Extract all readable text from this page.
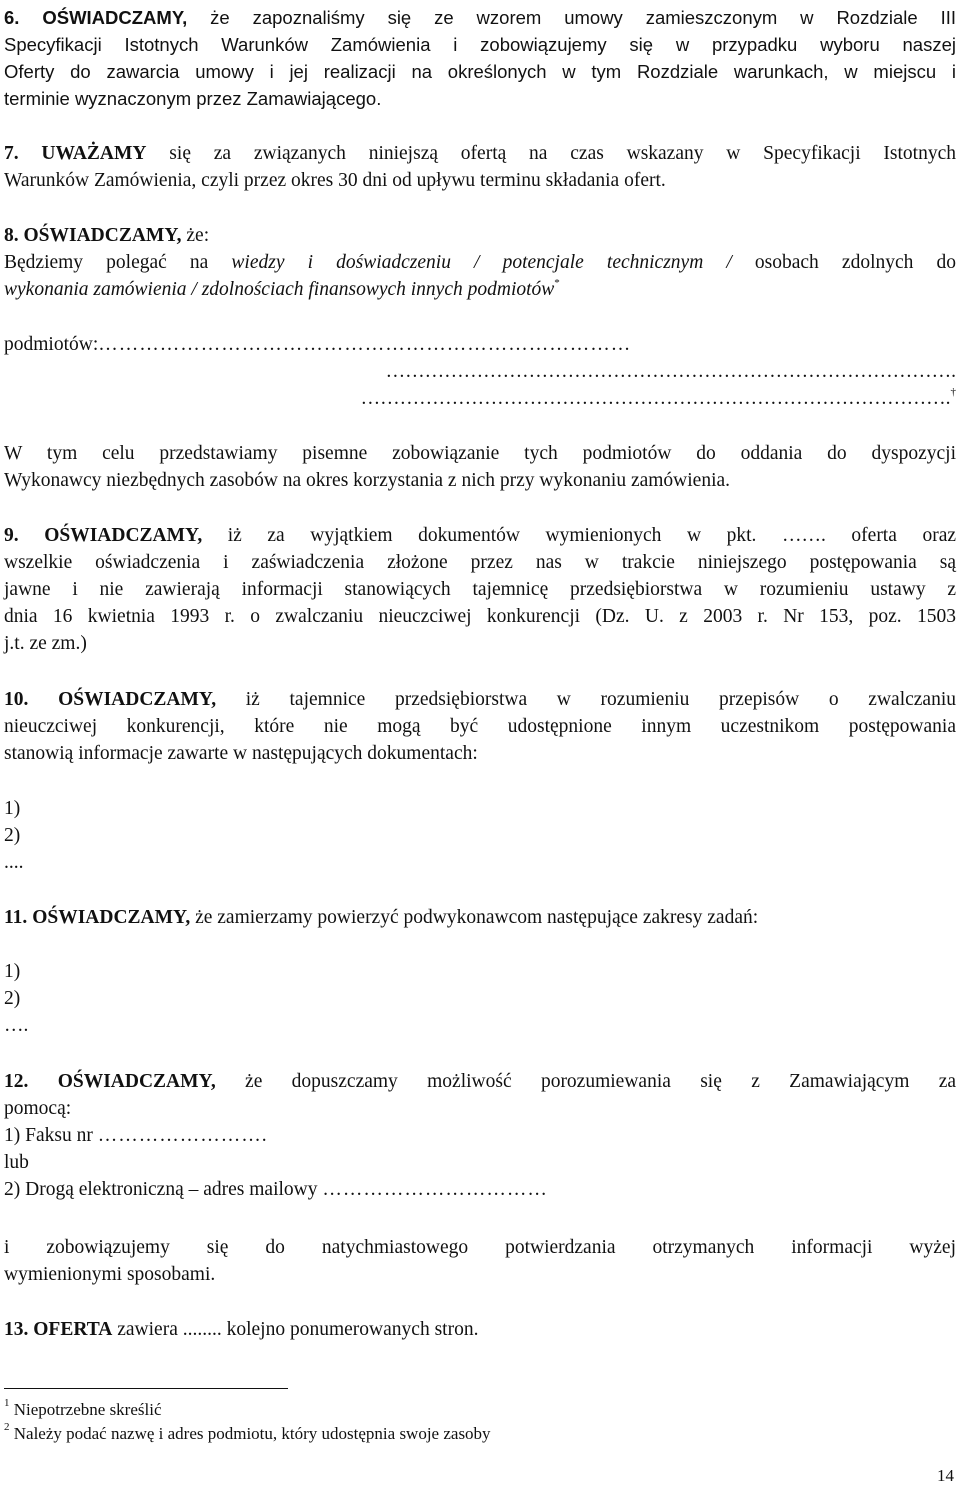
6. OŚWIADCZAMY, że zapoznaliśmy się ze wzorem umowy zamieszczonym w Rozdziale III
Specyfikacji Istotnych Warunków Zamówienia i zobowiązujemy się w przypadku wyboru naszej
Oferty do zawarcia umowy i jej realizacji na określonych w tym Rozdziale warunkach, w miejscu i
terminie wyznaczonym przez Zamawiającego.
7. UWAŻAMY się za związanych niniejszą ofertą na czas wskazany w Specyfikacji Istotnych
Warunków Zamówienia, czyli przez okres 30 dni od upływu terminu składania ofert.
8. OŚWIADCZAMY, że:
Będziemy polegać na wiedzy i doświadczeniu / potencjale technicznym / osobach zdolnych do
wykonania zamówienia / zdolnościach finansowych innych podmiotów*
podmiotów:……………………………………………………………………
…………………………………………………………………………….
……………………………………………………………………………….†
W tym celu przedstawiamy pisemne zobowiązanie tych podmiotów do oddania do dyspozycji
Wykonawcy niezbędnych zasobów na okres korzystania z nich przy wykonaniu zamówienia.
9. OŚWIADCZAMY, iż za wyjątkiem dokumentów wymienionych w pkt. ……. oferta oraz
wszelkie oświadczenia i zaświadczenia złożone przez nas w trakcie niniejszego postępowania są
jawne i nie zawierają informacji stanowiących tajemnicę przedsiębiorstwa w rozumieniu ustawy z
dnia 16 kwietnia 1993 r. o zwalczaniu nieuczciwej konkurencji (Dz. U. z 2003 r. Nr 153, poz. 1503
j.t. ze zm.)
10. OŚWIADCZAMY, iż tajemnice przedsiębiorstwa w rozumieniu przepisów o zwalczaniu
nieuczciwej konkurencji, które nie mogą być udostępnione innym uczestnikom postępowania
stanowią informacje zawarte w następujących dokumentach:
1)
2)
....
11. OŚWIADCZAMY, że zamierzamy powierzyć podwykonawcom następujące zakresy zadań:
1)
2)
….
12. OŚWIADCZAMY, że dopuszczamy możliwość porozumiewania się z Zamawiającym za
pomocą:
1) Faksu nr …………………….
lub
2) Drogą elektroniczną – adres mailowy ……………………………
i zobowiązujemy się do natychmiastowego potwierdzania otrzymanych informacji wyżej
wymienionymi sposobami.
13. OFERTA zawiera ........ kolejno ponumerowanych stron.
$^1$ Niepotrzebne skreślić
$^2$ Należy podać nazwę i adres podmiotu, który udostępnia swoje zasoby
14
